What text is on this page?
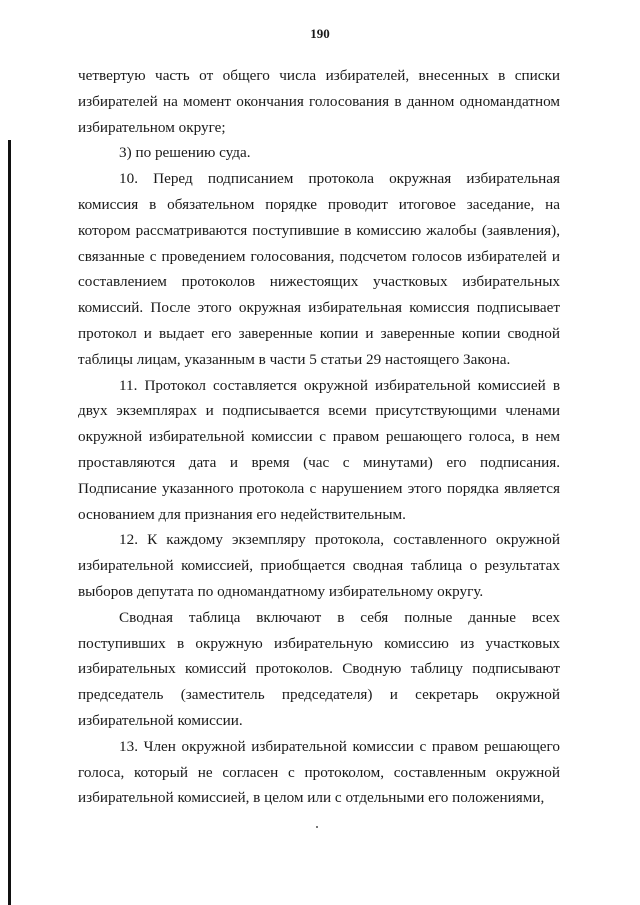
190

четвертую часть от общего числа избирателей, внесенных в списки избирателей на момент окончания голосования в данном одномандатном избирательном округе;

3) по решению суда.

10. Перед подписанием протокола окружная избирательная комиссия в обязательном порядке проводит итоговое заседание, на котором рассматриваются поступившие в комиссию жалобы (заявления), связанные с проведением голосования, подсчетом голосов избирателей и составлением протоколов нижестоящих участковых избирательных комиссий. После этого окружная избирательная комиссия подписывает протокол и выдает его заверенные копии и заверенные копии сводной таблицы лицам, указанным в части 5 статьи 29 настоящего Закона.

11. Протокол составляется окружной избирательной комиссией в двух экземплярах и подписывается всеми присутствующими членами окружной избирательной комиссии с правом решающего голоса, в нем проставляются дата и время (час с минутами) его подписания. Подписание указанного протокола с нарушением этого порядка является основанием для признания его недействительным.

12. К каждому экземпляру протокола, составленного окружной избирательной комиссией, приобщается сводная таблица о результатах выборов депутата по одномандатному избирательному округу.

Сводная таблица включают в себя полные данные всех поступивших в окружную избирательную комиссию из участковых избирательных комиссий протоколов. Сводную таблицу подписывают председатель (заместитель председателя) и секретарь окружной избирательной комиссии.

13. Член окружной избирательной комиссии с правом решающего голоса, который не согласен с протоколом, составленным окружной избирательной комиссией, в целом или с отдельными его положениями,
